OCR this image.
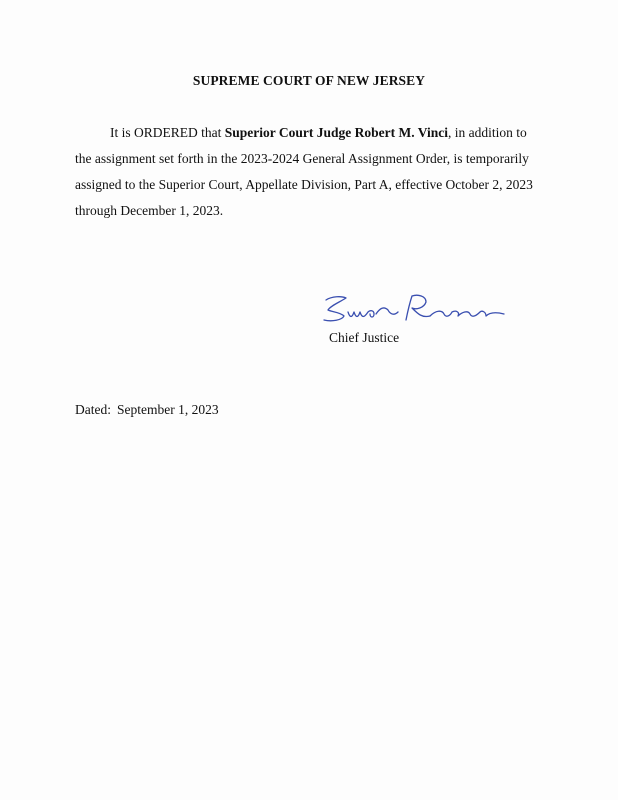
SUPREME COURT OF NEW JERSEY
It is ORDERED that Superior Court Judge Robert M. Vinci, in addition to
the assignment set forth in the 2023-2024 General Assignment Order, is temporarily
assigned to the Superior Court, Appellate Division, Part A, effective October 2, 2023
through December 1, 2023.
Chief Justice
Dated: September 1, 2023
